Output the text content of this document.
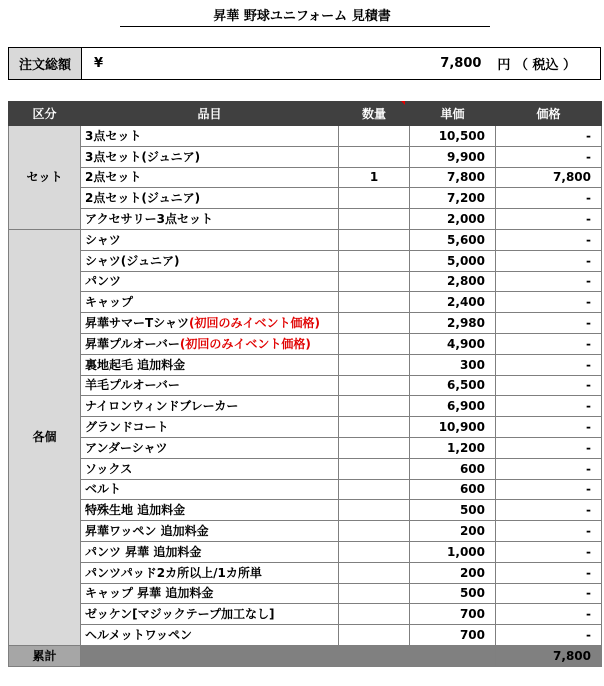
昇華 野球ユニフォーム 見積書
注文総額	¥	7,800 円 （ 税込 ）
区分	品目	数量	単価	価格
セット	3点セット		10,500	-
	3点セット(ジュニア)		9,900	-
	2点セット	1	7,800	7,800
	2点セット(ジュニア)		7,200	-
	アクセサリー3点セット		2,000	-
各個	シャツ		5,600	-
	シャツ(ジュニア)		5,000	-
	パンツ		2,800	-
	キャップ		2,400	-
	昇華サマーTシャツ(初回のみイベント価格)		2,980	-
	昇華プルオーバー(初回のみイベント価格)		4,900	-
	裏地起毛 追加料金		300	-
	羊毛プルオーバー		6,500	-
	ナイロンウィンドブレーカー		6,900	-
	グランドコート		10,900	-
	アンダーシャツ		1,200	-
	ソックス		600	-
	ベルト		600	-
	特殊生地 追加料金		500	-
	昇華ワッペン 追加料金		200	-
	パンツ 昇華 追加料金		1,000	-
	パンツパッド2カ所以上/1カ所単		200	-
	キャップ 昇華 追加料金		500	-
	ゼッケン[マジックテープ加工なし]		700	-
	ヘルメットワッペン		700	-
累計				7,800
